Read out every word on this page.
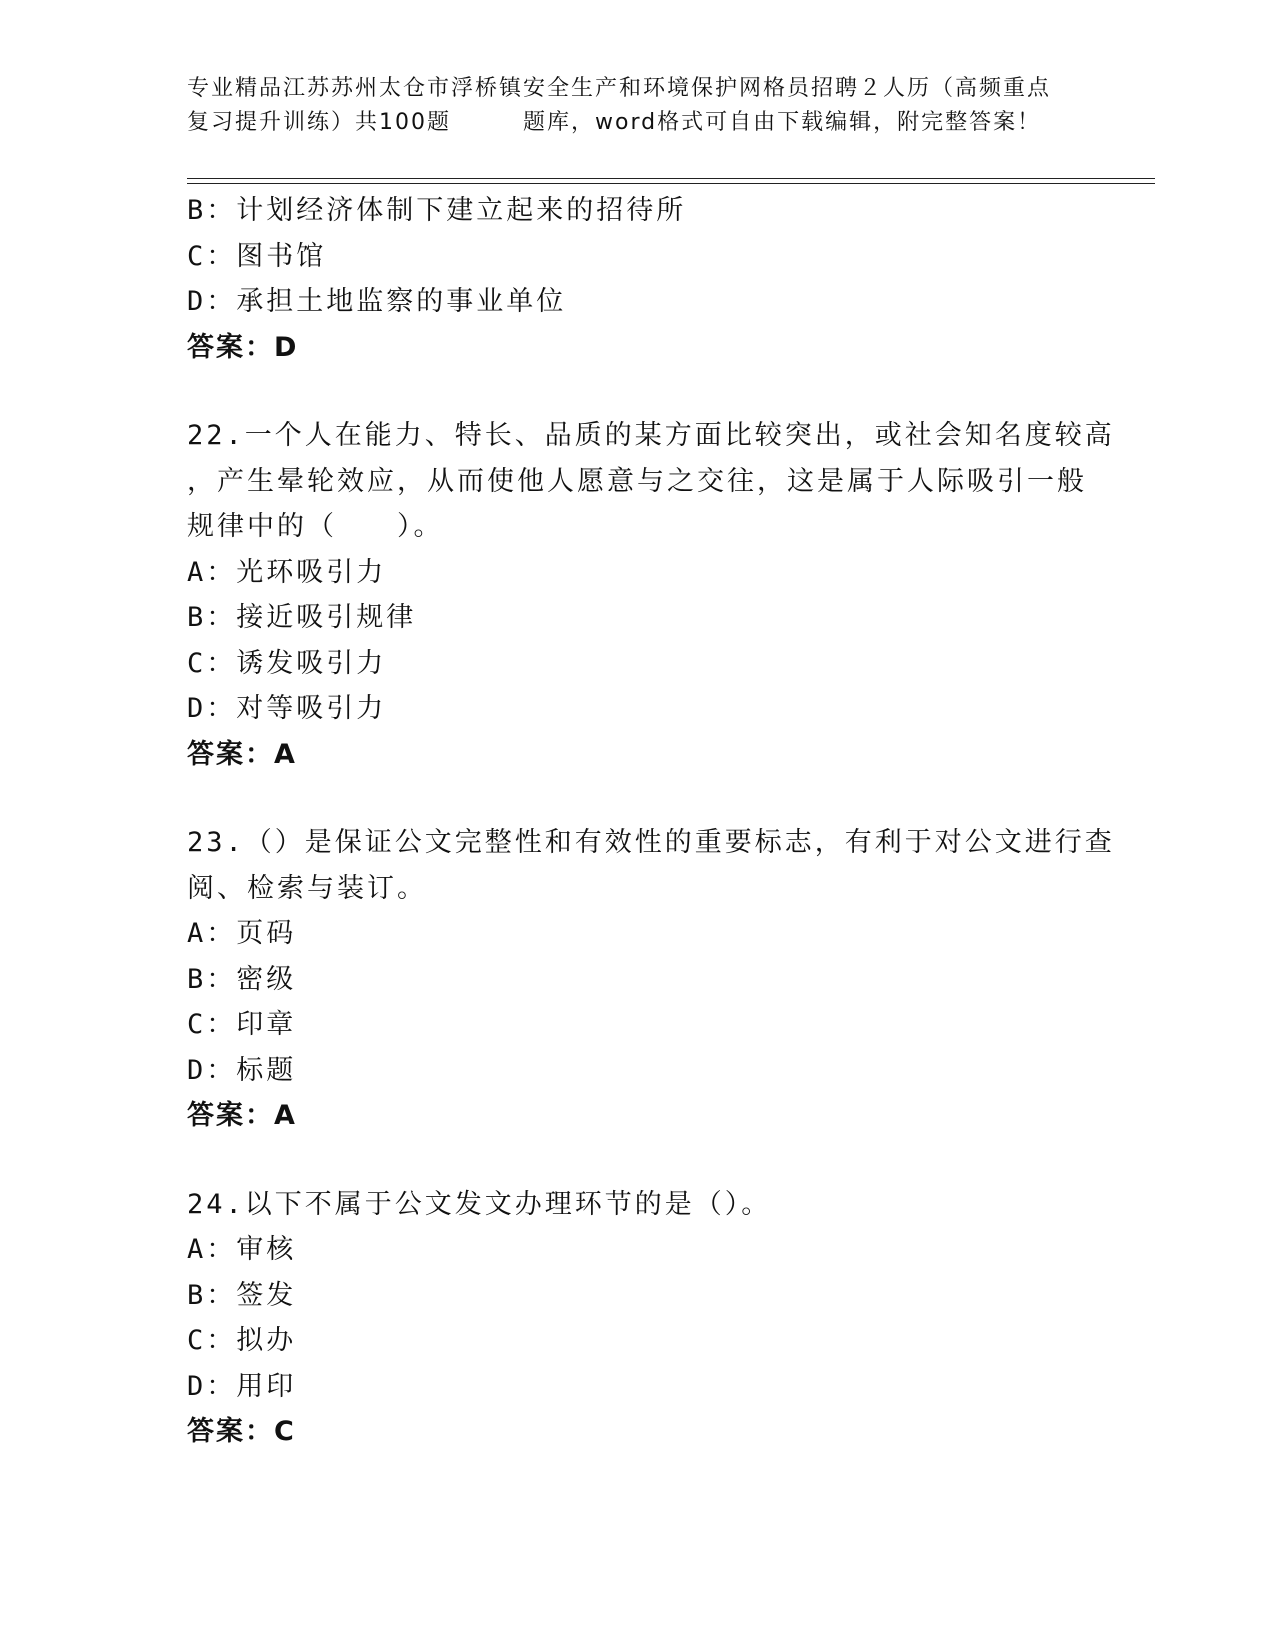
专业精品江苏苏州太仓市浮桥镇安全生产和环境保护网格员招聘２人历（高频重点
复习提升训练）共100题	题库，word格式可自由下载编辑，附完整答案！
B：计划经济体制下建立起来的招待所
C：图书馆
D：承担土地监察的事业单位
答案：D
22.一个人在能力、特长、品质的某方面比较突出，或社会知名度较高
，产生晕轮效应，从而使他人愿意与之交往，这是属于人际吸引一般
规律中的（　　）。
A：光环吸引力
B：接近吸引规律
C：诱发吸引力
D：对等吸引力
答案：A
23.（）是保证公文完整性和有效性的重要标志，有利于对公文进行查
阅、检索与装订。
A：页码
B：密级
C：印章
D：标题
答案：A
24.以下不属于公文发文办理环节的是（）。
A：审核
B：签发
C：拟办
D：用印
答案：C
